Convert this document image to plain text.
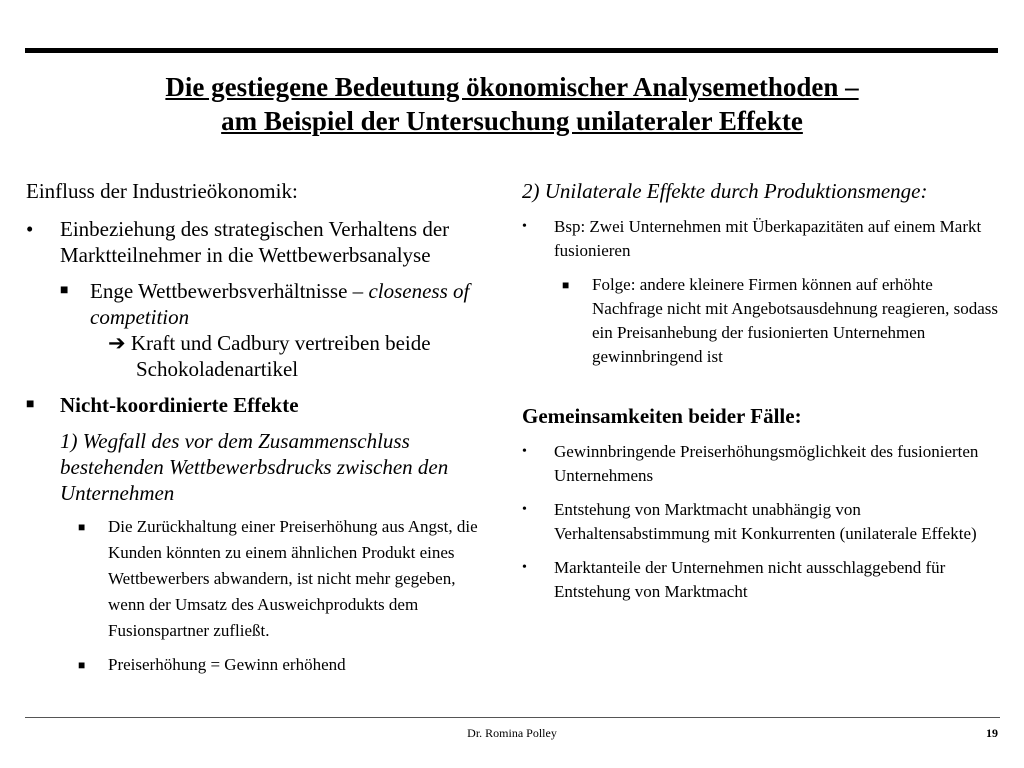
Die gestiegene Bedeutung ökonomischer Analysemethoden –
am Beispiel der Untersuchung unilateraler Effekte
Einfluss der Industrieökonomik:
• Einbeziehung des strategischen Verhaltens der Marktteilnehmer in die Wettbewerbsanalyse
■ Enge Wettbewerbsverhältnisse – closeness of competition
➔ Kraft und Cadbury vertreiben beide
Schokoladenartikel
■ Nicht-koordinierte Effekte
1) Wegfall des vor dem Zusammenschluss bestehenden Wettbewerbsdrucks zwischen den Unternehmen
■ Die Zurückhaltung einer Preiserhöhung aus Angst, die Kunden könnten zu einem ähnlichen Produkt eines Wettbewerbers abwandern, ist nicht mehr gegeben, wenn der Umsatz des Ausweichprodukts dem Fusionspartner zufließt.
■ Preiserhöhung = Gewinn erhöhend
2) Unilaterale Effekte durch Produktionsmenge:
• Bsp: Zwei Unternehmen mit Überkapazitäten auf einem Markt fusionieren
■ Folge: andere kleinere Firmen können auf erhöhte Nachfrage nicht mit Angebotsausdehnung reagieren, sodass ein Preisanhebung der fusionierten Unternehmen gewinnbringend ist
Gemeinsamkeiten beider Fälle:
• Gewinnbringende Preiserhöhungsmöglichkeit des fusionierten Unternehmens
• Entstehung von Marktmacht unabhängig von Verhaltensabstimmung mit Konkurrenten (unilaterale Effekte)
• Marktanteile der Unternehmen nicht ausschlaggebend für Entstehung von Marktmacht
Dr. Romina Polley	19
